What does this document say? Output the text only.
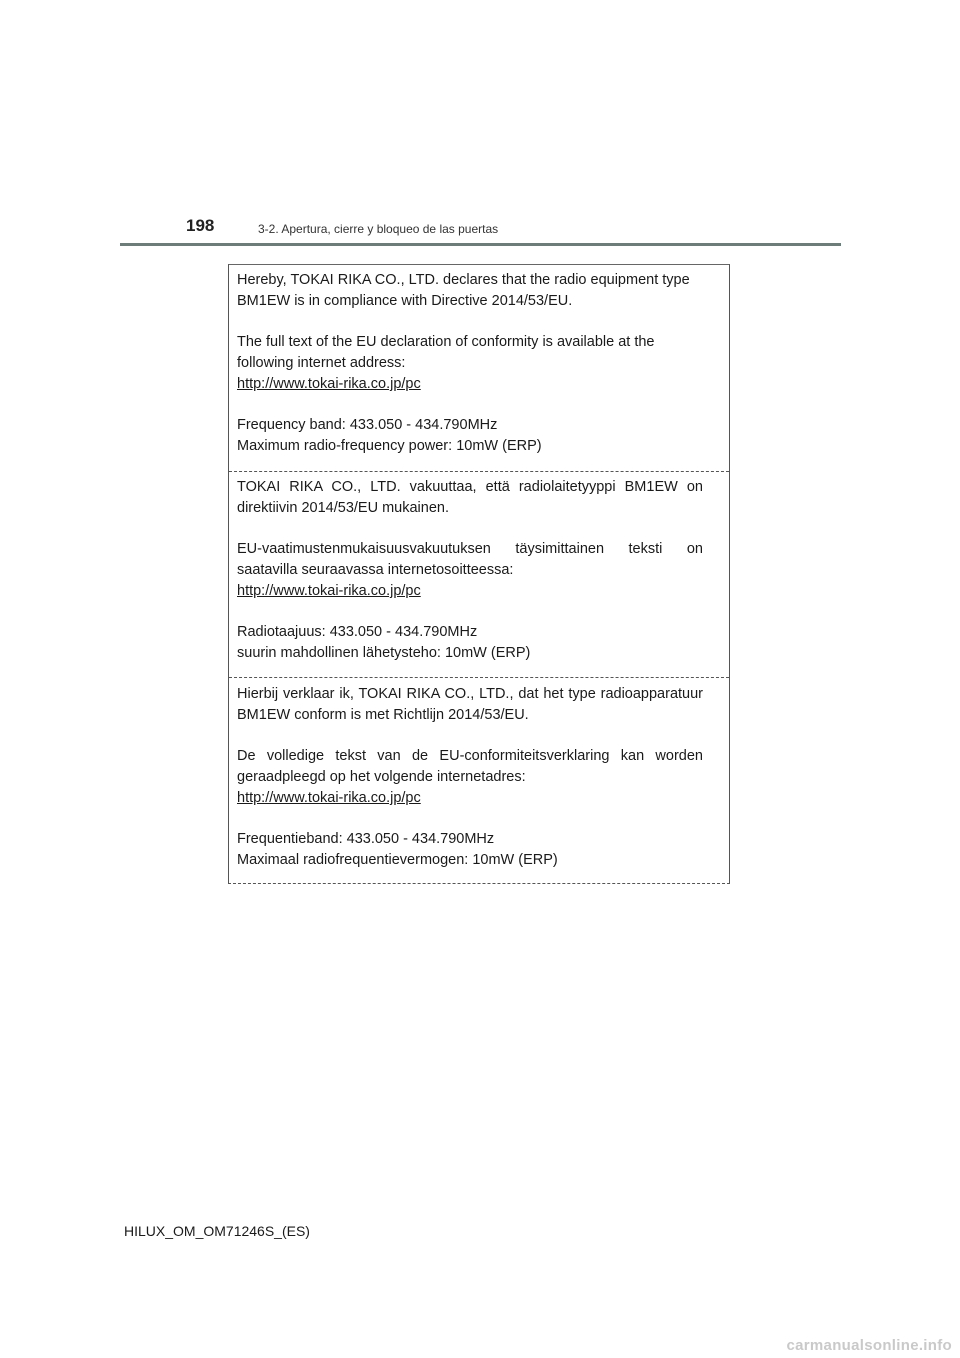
198	3-2. Apertura, cierre y bloqueo de las puertas

Hereby, TOKAI RIKA CO., LTD. declares that the radio equipment type BM1EW is in compliance with Directive 2014/53/EU.

The full text of the EU declaration of conformity is available at the following internet address:
http://www.tokai-rika.co.jp/pc

Frequency band: 433.050 - 434.790MHz
Maximum radio-frequency power: 10mW (ERP)

TOKAI RIKA CO., LTD. vakuuttaa, että radiolaitetyyppi BM1EW on direktiivin 2014/53/EU mukainen.

EU-vaatimustenmukaisuusvakuutuksen täysimittainen teksti on saatavilla seuraavassa internetosoitteessa:
http://www.tokai-rika.co.jp/pc

Radiotaajuus: 433.050 - 434.790MHz
suurin mahdollinen lähetysteho: 10mW (ERP)

Hierbij verklaar ik, TOKAI RIKA CO., LTD., dat het type radioapparatuur BM1EW conform is met Richtlijn 2014/53/EU.

De volledige tekst van de EU-conformiteitsverklaring kan worden geraadpleegd op het volgende internetadres:
http://www.tokai-rika.co.jp/pc

Frequentieband: 433.050 - 434.790MHz
Maximaal radiofrequentievermogen: 10mW (ERP)

HILUX_OM_OM71246S_(ES)
carmanualsonline.info
